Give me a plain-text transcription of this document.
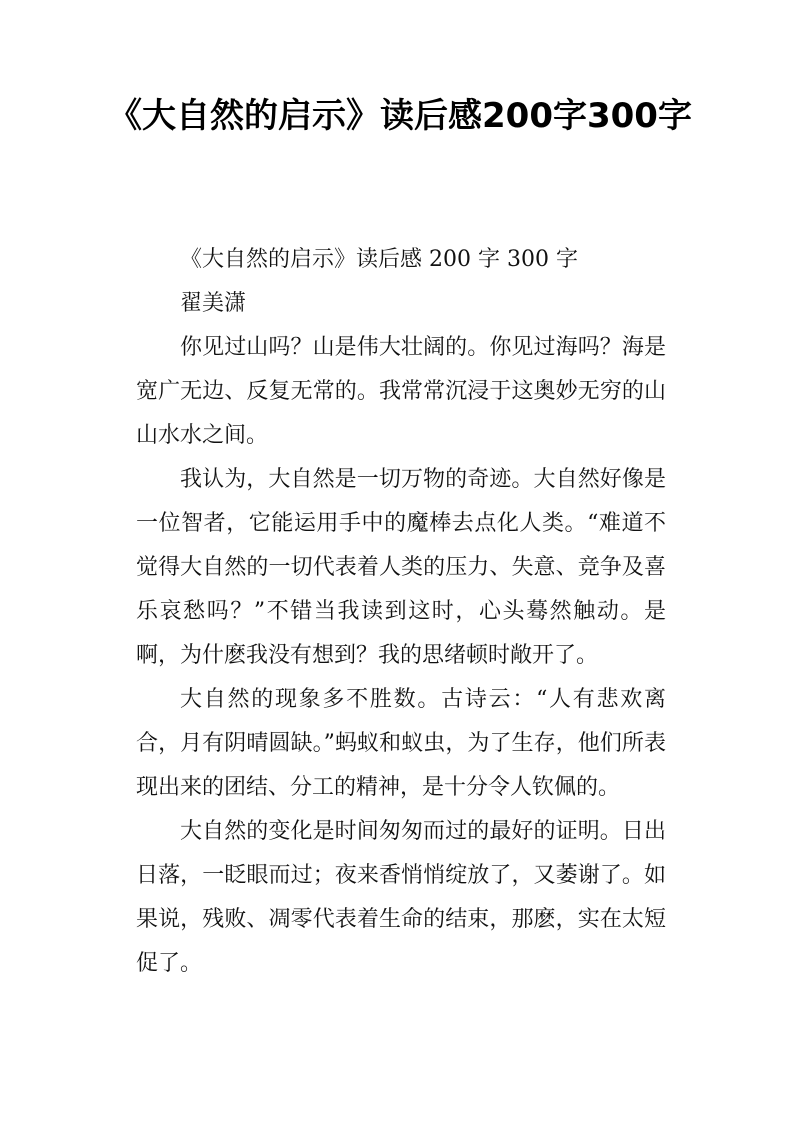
《大自然的启示》读后感200字300字

《大自然的启示》读后感 200 字 300 字

翟美潇

你见过山吗？山是伟大壮阔的。你见过海吗？海是宽广无边、反复无常的。我常常沉浸于这奥妙无穷的山山水水之间。

我认为，大自然是一切万物的奇迹。大自然好像是一位智者，它能运用手中的魔棒去点化人类。“难道不觉得大自然的一切代表着人类的压力、失意、竞争及喜乐哀愁吗？”不错当我读到这时，心头蓦然触动。是啊，为什麽我没有想到？我的思绪顿时敞开了。

大自然的现象多不胜数。古诗云：“人有悲欢离合，月有阴晴圆缺。”蚂蚁和蚁虫，为了生存，他们所表现出来的团结、分工的精神，是十分令人钦佩的。

大自然的变化是时间匆匆而过的最好的证明。日出日落，一眨眼而过；夜来香悄悄绽放了，又萎谢了。如果说，残败、凋零代表着生命的结束，那麽，实在太短促了。
